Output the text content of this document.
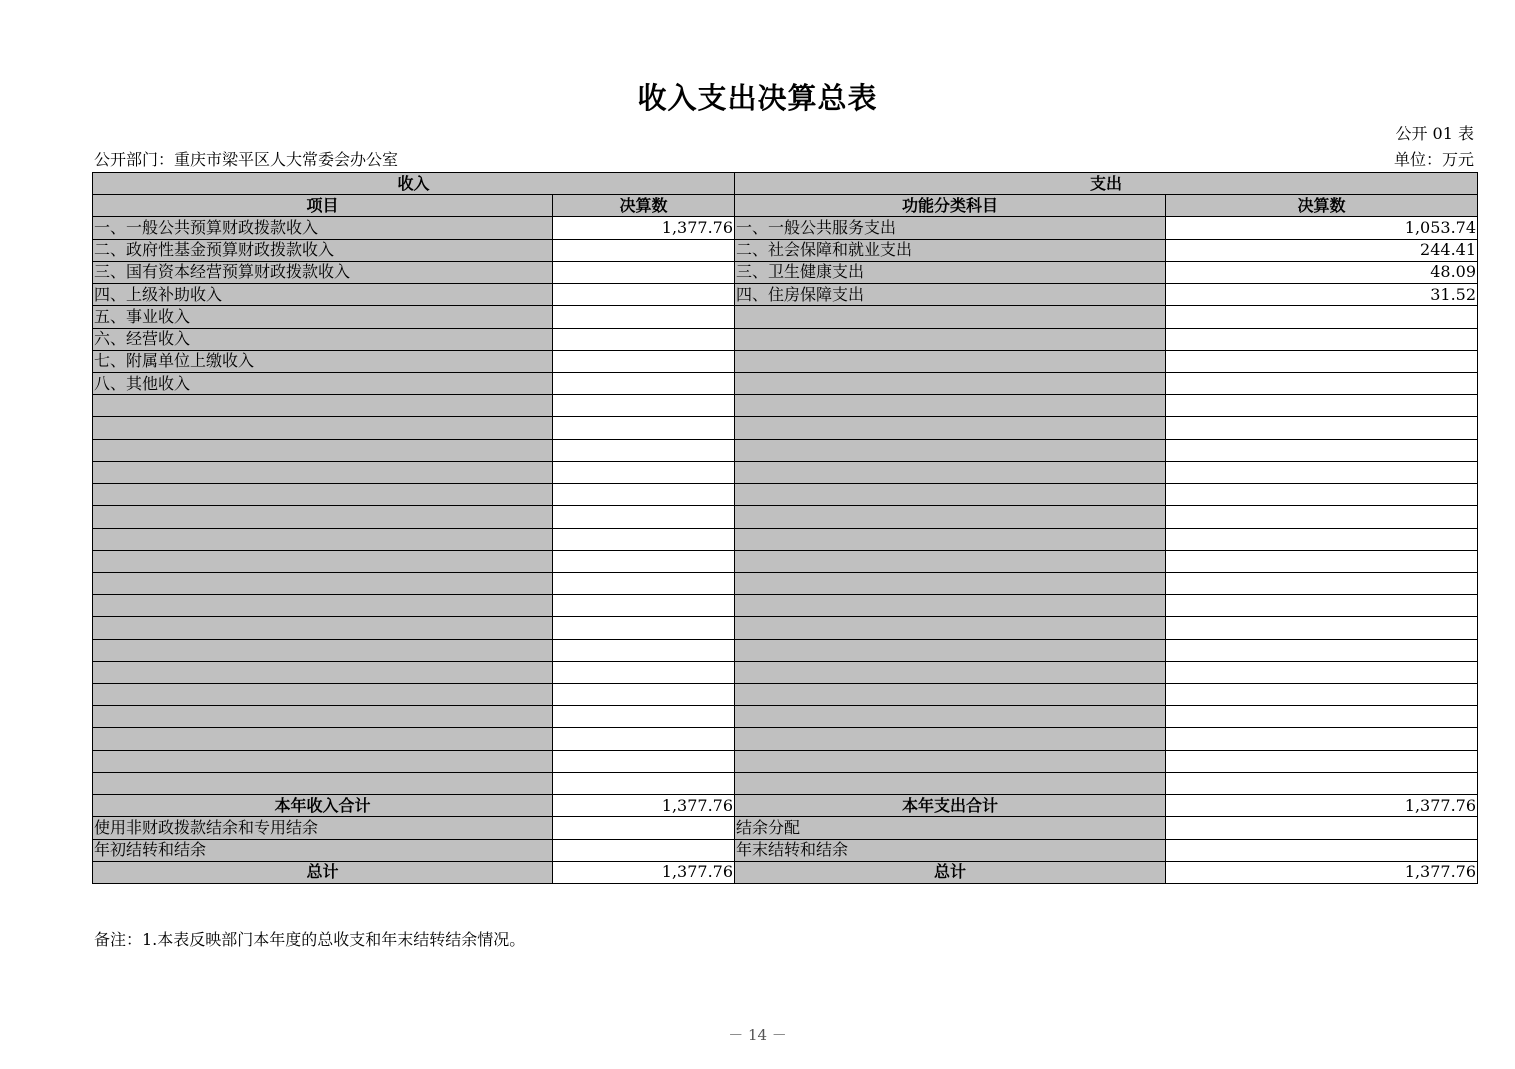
收入支出决算总表
公开 01 表
公开部门：重庆市梁平区人大常委会办公室	单位：万元
收入		支出	
项目	决算数	功能分类科目	决算数
一、一般公共预算财政拨款收入	1,377.76	一、一般公共服务支出	1,053.74
二、政府性基金预算财政拨款收入		二、社会保障和就业支出	244.41
三、国有资本经营预算财政拨款收入		三、卫生健康支出	48.09
四、上级补助收入		四、住房保障支出	31.52
五、事业收入			
六、经营收入			
七、附属单位上缴收入			
八、其他收入			

本年收入合计	1,377.76	本年支出合计	1,377.76
使用非财政拨款结余和专用结余		结余分配	
年初结转和结余		年末结转和结余	
总计	1,377.76	总计	1,377.76
备注：1.本表反映部门本年度的总收支和年末结转结余情况。
－ 14 －
